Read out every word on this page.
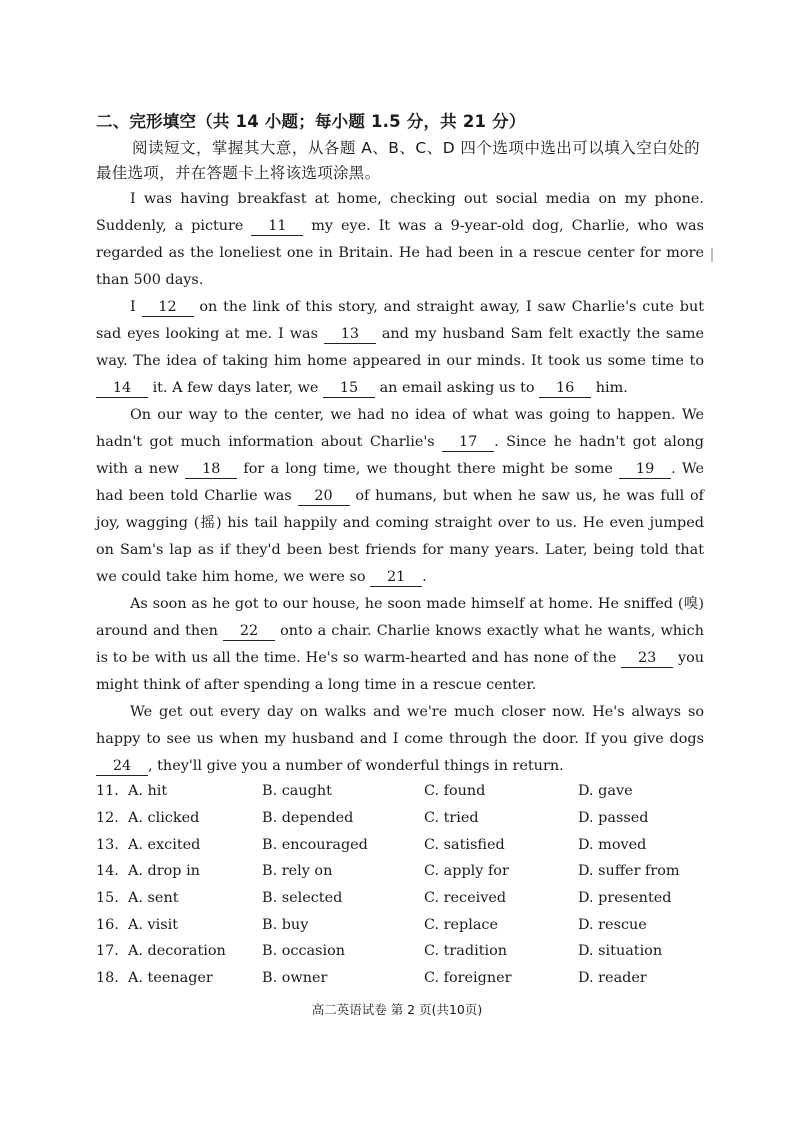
二、完形填空（共 14 小题；每小题 1.5 分，共 21 分）
阅读短文，掌握其大意，从各题 A、B、C、D 四个选项中选出可以填入空白处的最佳选项，并在答题卡上将该选项涂黑。

I was having breakfast at home, checking out social media on my phone. Suddenly, a picture 11 my eye. It was a 9-year-old dog, Charlie, who was regarded as the loneliest one in Britain. He had been in a rescue center for more than 500 days.

I 12 on the link of this story, and straight away, I saw Charlie's cute but sad eyes looking at me. I was 13 and my husband Sam felt exactly the same way. The idea of taking him home appeared in our minds. It took us some time to 14 it. A few days later, we 15 an email asking us to 16 him.

On our way to the center, we had no idea of what was going to happen. We hadn't got much information about Charlie's 17 . Since he hadn't got along with a new 18 for a long time, we thought there might be some 19 . We had been told Charlie was 20 of humans, but when he saw us, he was full of joy, wagging (摇) his tail happily and coming straight over to us. He even jumped on Sam's lap as if they'd been best friends for many years. Later, being told that we could take him home, we were so 21 .

As soon as he got to our house, he soon made himself at home. He sniffed (嗅) around and then 22 onto a chair. Charlie knows exactly what he wants, which is to be with us all the time. He's so warm-hearted and has none of the 23 you might think of after spending a long time in a rescue center.

We get out every day on walks and we're much closer now. He's always so happy to see us when my husband and I come through the door. If you give dogs 24 , they'll give you a number of wonderful things in return.

11. A. hit	B. caught	C. found	D. gave
12. A. clicked	B. depended	C. tried	D. passed
13. A. excited	B. encouraged	C. satisfied	D. moved
14. A. drop in	B. rely on	C. apply for	D. suffer from
15. A. sent	B. selected	C. received	D. presented
16. A. visit	B. buy	C. replace	D. rescue
17. A. decoration	B. occasion	C. tradition	D. situation
18. A. teenager	B. owner	C. foreigner	D. reader
高二英语试卷 第 2 页(共10页)
